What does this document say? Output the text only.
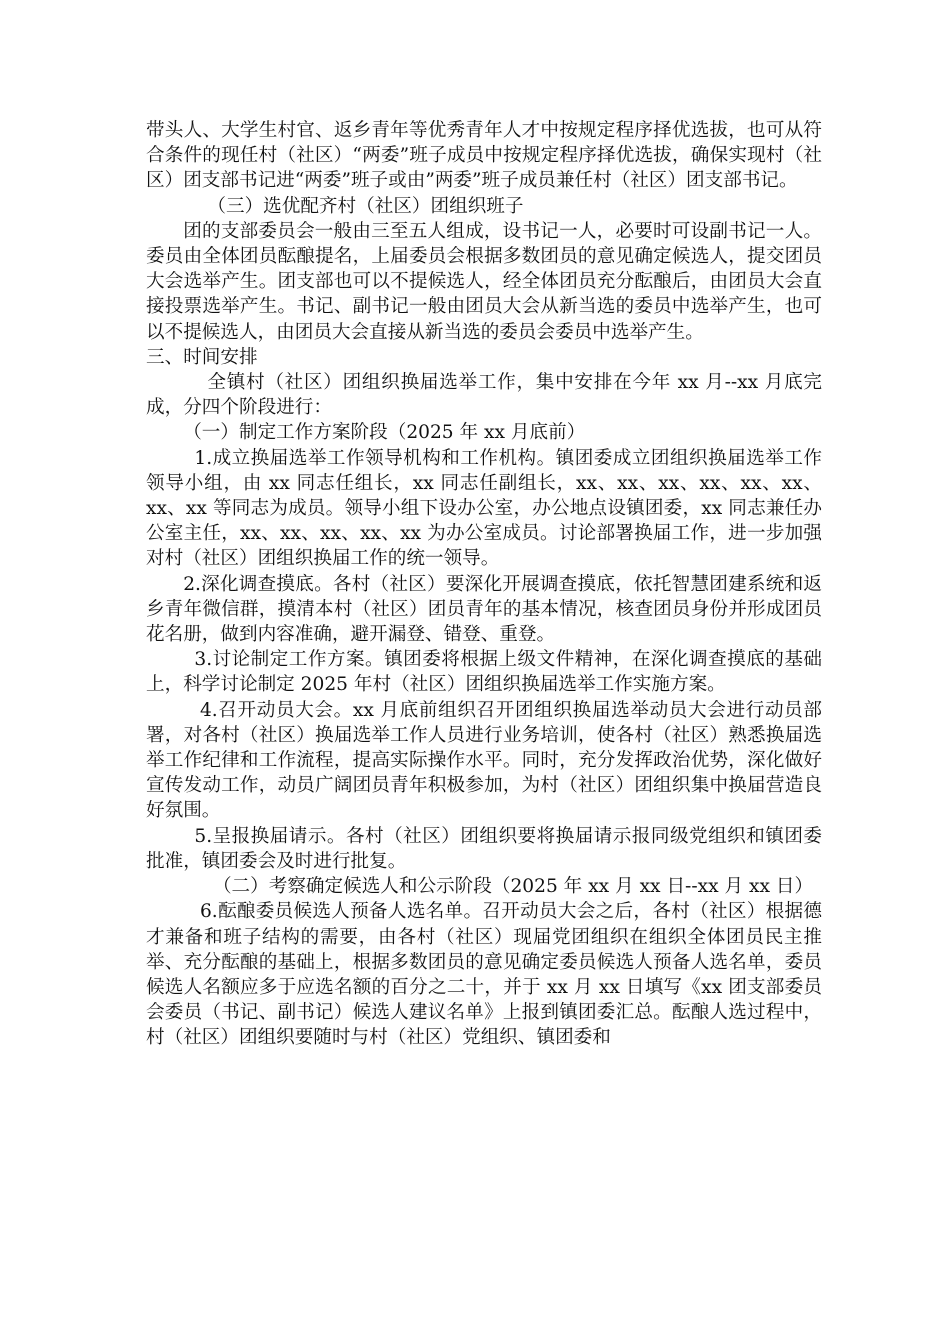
带头人、大学生村官、返乡青年等优秀青年人才中按规定程序择优选拔，也可从符合条件的现任村（社区）“两委”班子成员中按规定程序择优选拔，确保实现村（社区）团支部书记进“两委”班子或由”两委”班子成员兼任村（社区）团支部书记。

（三）选优配齐村（社区）团组织班子

团的支部委员会一般由三至五人组成，设书记一人，必要时可设副书记一人。委员由全体团员酝酿提名，上届委员会根据多数团员的意见确定候选人，提交团员大会选举产生。团支部也可以不提候选人，经全体团员充分酝酿后，由团员大会直接投票选举产生。书记、副书记一般由团员大会从新当选的委员中选举产生，也可以不提候选人，由团员大会直接从新当选的委员会委员中选举产生。

三、时间安排

全镇村（社区）团组织换届选举工作，集中安排在今年 xx 月--xx 月底完成，分四个阶段进行：

（一）制定工作方案阶段（2025 年 xx 月底前）

1.成立换届选举工作领导机构和工作机构。镇团委成立团组织换届选举工作领导小组，由 xx 同志任组长，xx 同志任副组长，xx、xx、xx、xx、xx、xx、xx、xx 等同志为成员。领导小组下设办公室，办公地点设镇团委，xx 同志兼任办公室主任，xx、xx、xx、xx、xx 为办公室成员。讨论部署换届工作，进一步加强对村（社区）团组织换届工作的统一领导。

2.深化调查摸底。各村（社区）要深化开展调查摸底，依托智慧团建系统和返乡青年微信群，摸清本村（社区）团员青年的基本情况，核查团员身份并形成团员花名册，做到内容准确，避开漏登、错登、重登。

3.讨论制定工作方案。镇团委将根据上级文件精神，在深化调查摸底的基础上，科学讨论制定 2025 年村（社区）团组织换届选举工作实施方案。

4.召开动员大会。xx 月底前组织召开团组织换届选举动员大会进行动员部署，对各村（社区）换届选举工作人员进行业务培训，使各村（社区）熟悉换届选举工作纪律和工作流程，提高实际操作水平。同时，充分发挥政治优势，深化做好宣传发动工作，动员广阔团员青年积极参加，为村（社区）团组织集中换届营造良好氛围。

5.呈报换届请示。各村（社区）团组织要将换届请示报同级党组织和镇团委批准，镇团委会及时进行批复。

（二）考察确定候选人和公示阶段（2025 年 xx 月 xx 日--xx 月 xx 日）

6.酝酿委员候选人预备人选名单。召开动员大会之后，各村（社区）根据德才兼备和班子结构的需要，由各村（社区）现届党团组织在组织全体团员民主推举、充分酝酿的基础上，根据多数团员的意见确定委员候选人预备人选名单，委员候选人名额应多于应选名额的百分之二十，并于 xx 月 xx 日填写《xx 团支部委员会委员（书记、副书记）候选人建议名单》上报到镇团委汇总。酝酿人选过程中，村（社区）团组织要随时与村（社区）党组织、镇团委和
